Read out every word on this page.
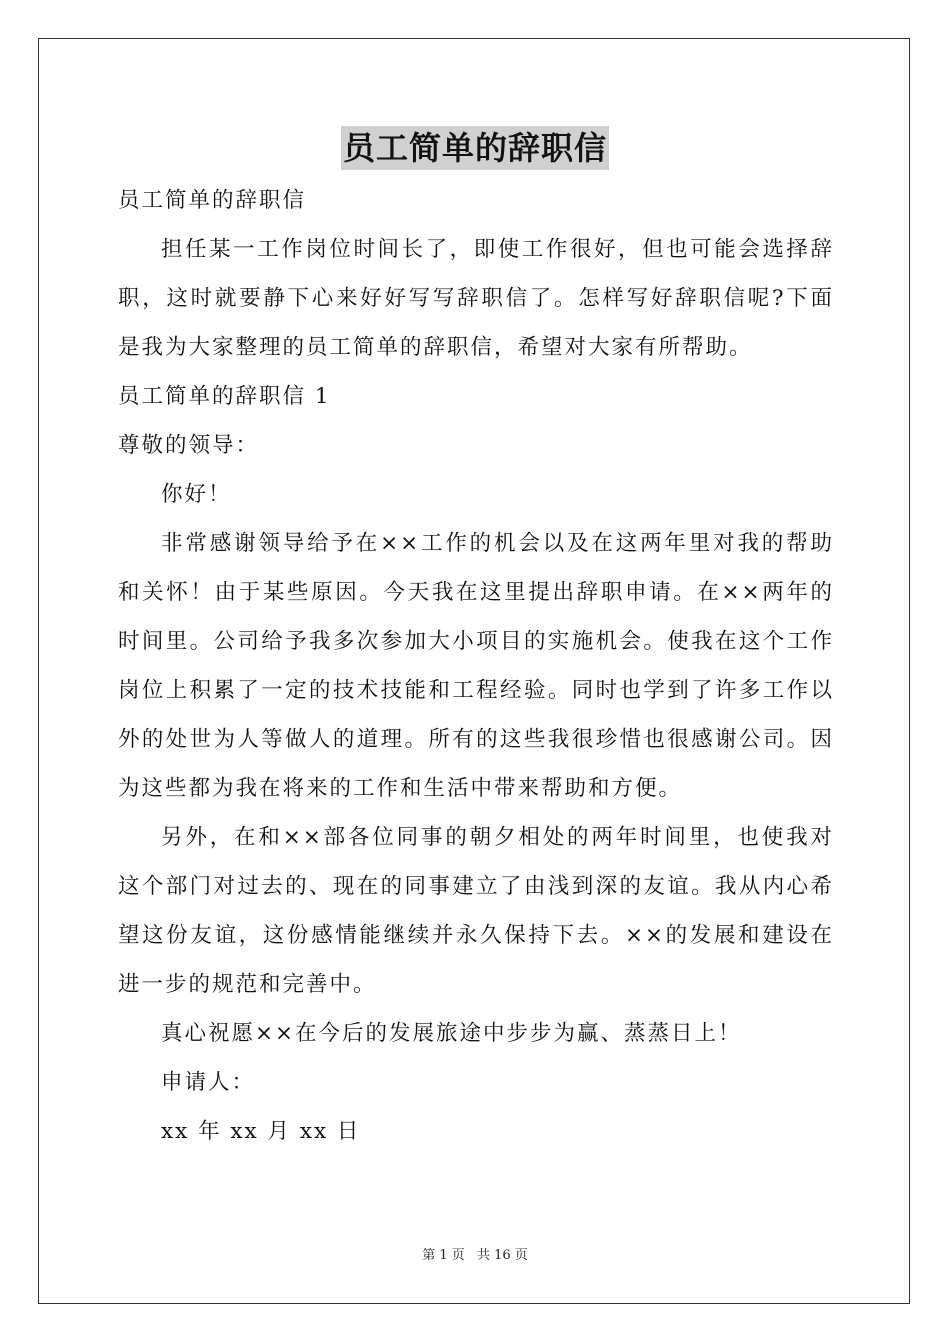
员工简单的辞职信

员工简单的辞职信

担任某一工作岗位时间长了，即使工作很好，但也可能会选择辞职，这时就要静下心来好好写写辞职信了。怎样写好辞职信呢?下面是我为大家整理的员工简单的辞职信，希望对大家有所帮助。

员工简单的辞职信 1

尊敬的领导：

你好！

非常感谢领导给予在××工作的机会以及在这两年里对我的帮助和关怀！由于某些原因。今天我在这里提出辞职申请。在××两年的时间里。公司给予我多次参加大小项目的实施机会。使我在这个工作岗位上积累了一定的技术技能和工程经验。同时也学到了许多工作以外的处世为人等做人的道理。所有的这些我很珍惜也很感谢公司。因为这些都为我在将来的工作和生活中带来帮助和方便。

另外，在和××部各位同事的朝夕相处的两年时间里，也使我对这个部门对过去的、现在的同事建立了由浅到深的友谊。我从内心希望这份友谊，这份感情能继续并永久保持下去。××的发展和建设在进一步的规范和完善中。

真心祝愿××在今后的发展旅途中步步为赢、蒸蒸日上！

申请人：

xx 年 xx 月 xx 日

第 1 页 共 16 页
